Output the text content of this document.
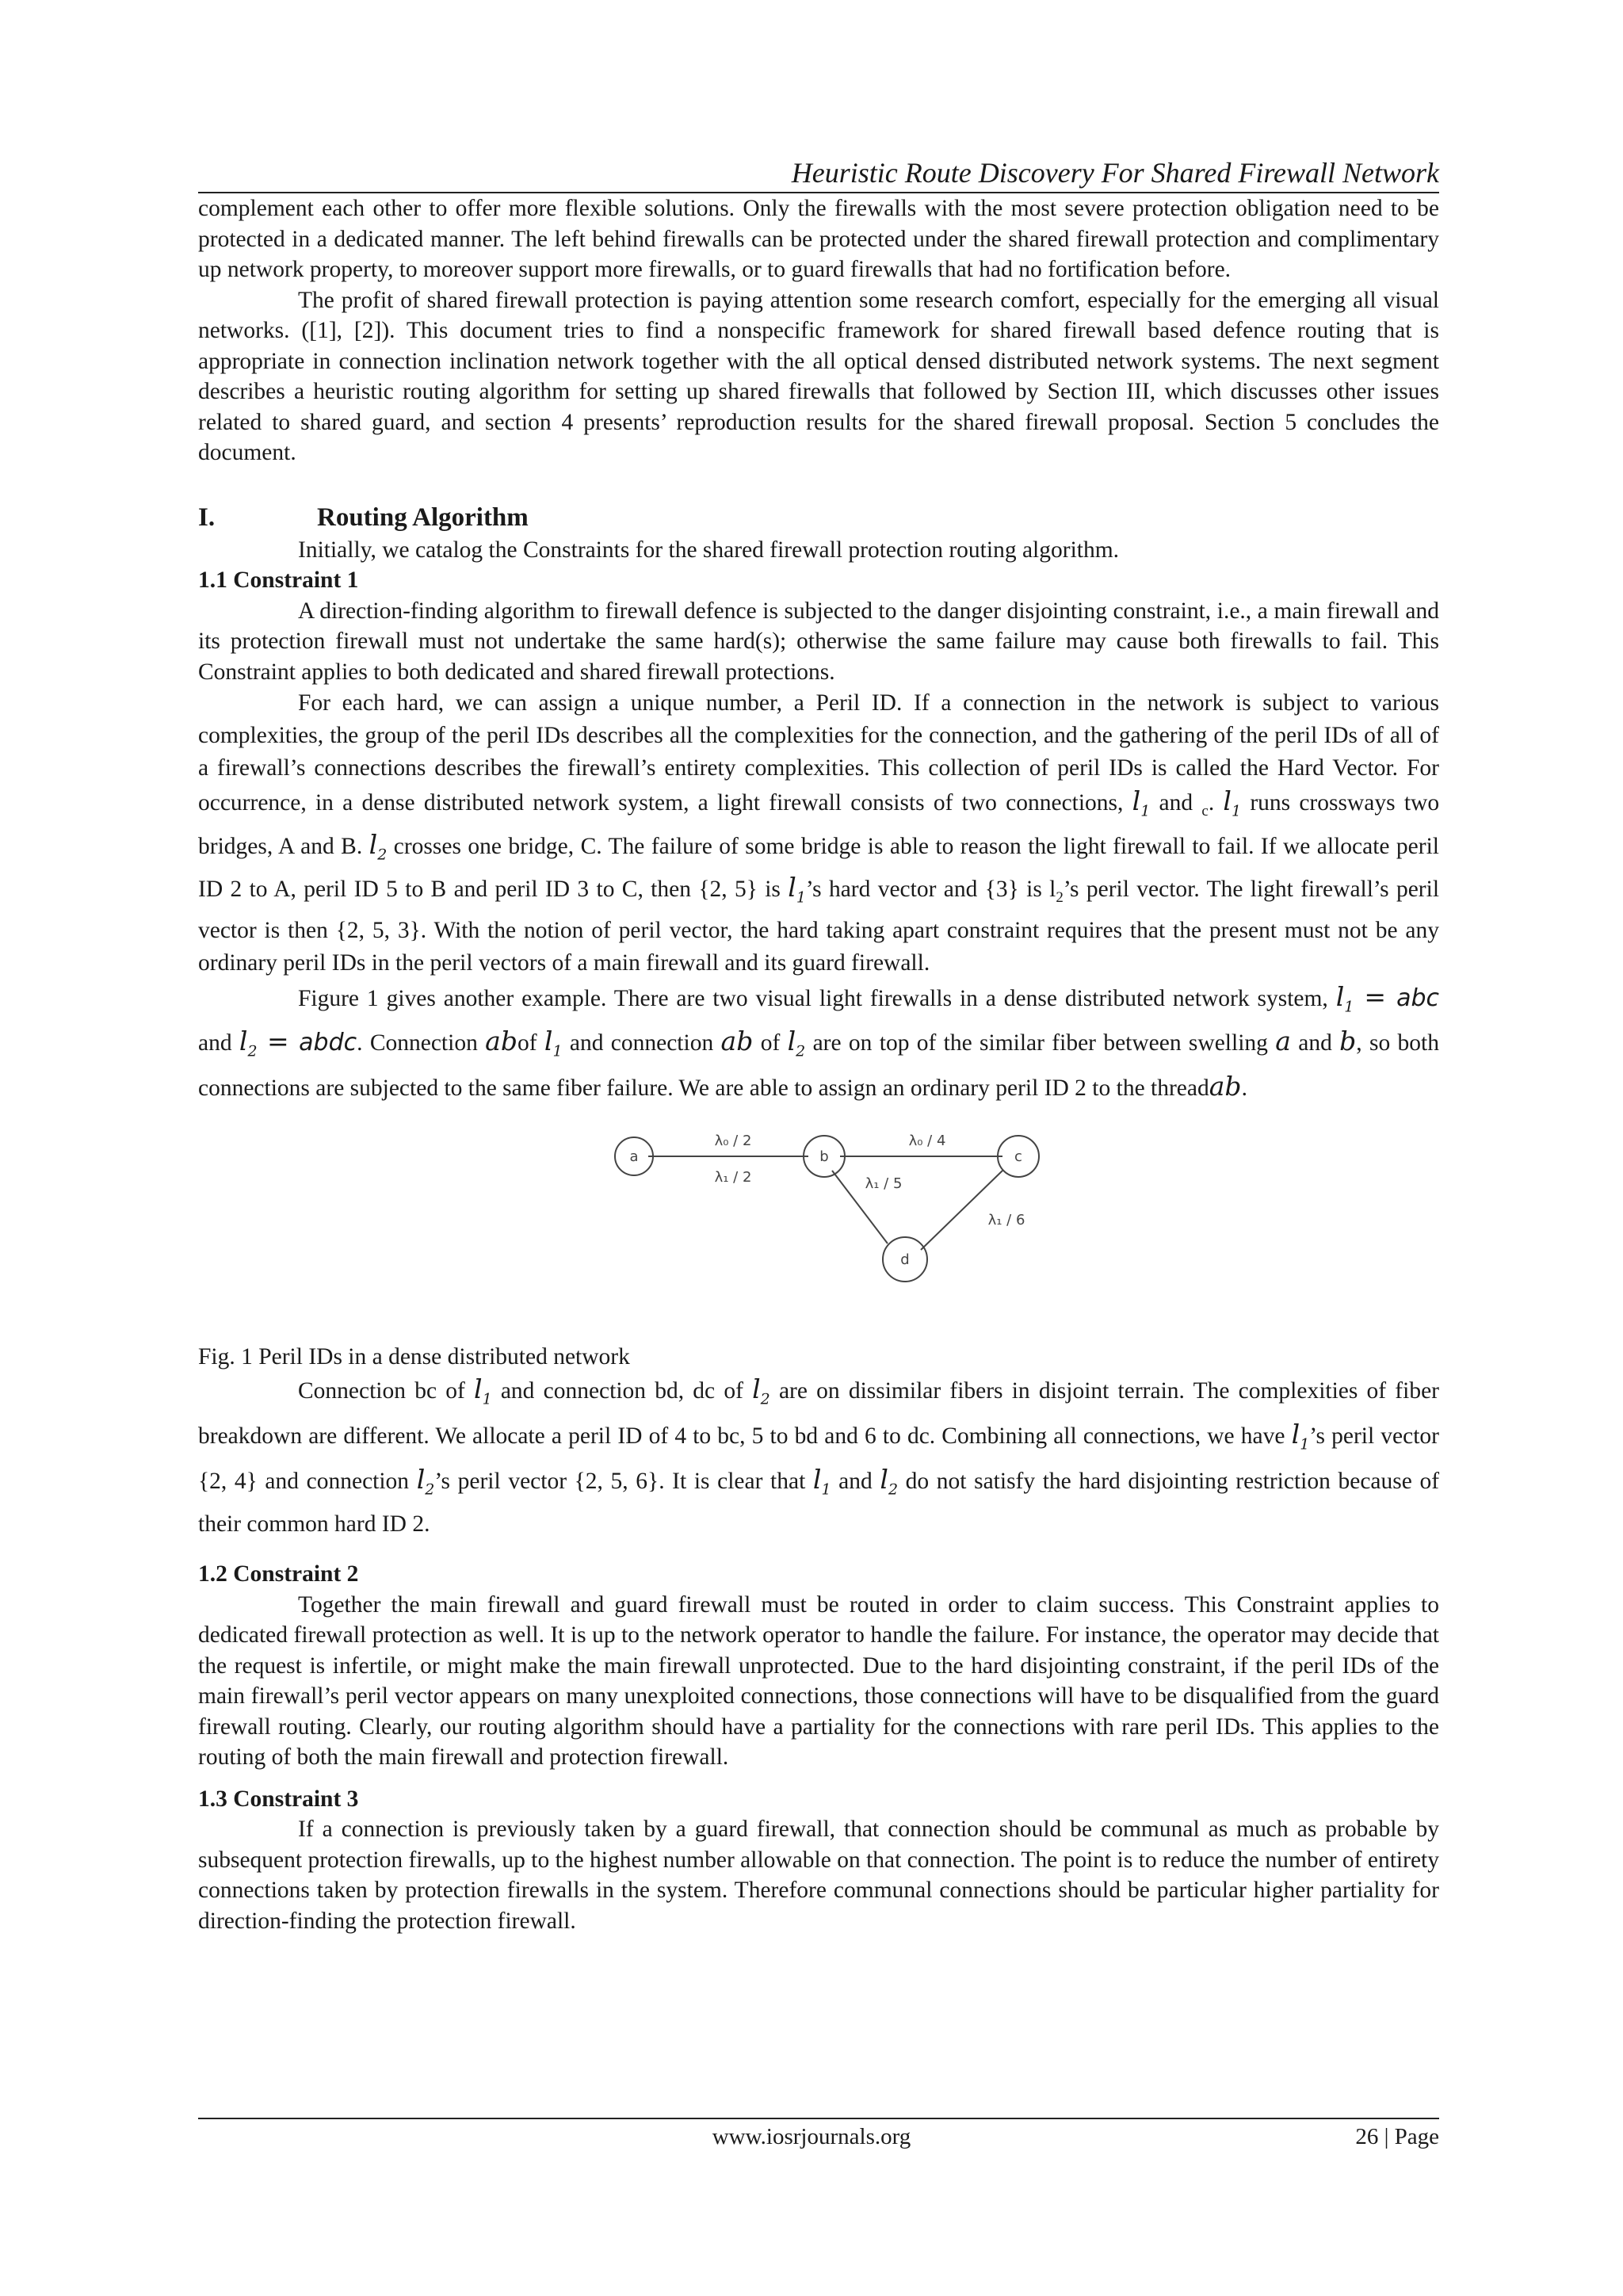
Heuristic Route Discovery For Shared Firewall Network

complement each other to offer more flexible solutions. Only the firewalls with the most severe protection obligation need to be protected in a dedicated manner. The left behind firewalls can be protected under the shared firewall protection and complimentary up network property, to moreover support more firewalls, or to guard firewalls that had no fortification before.

The profit of shared firewall protection is paying attention some research comfort, especially for the emerging all visual networks. ([1], [2]). This document tries to find a nonspecific framework for shared firewall based defence routing that is appropriate in connection inclination network together with the all optical densed distributed network systems. The next segment describes a heuristic routing algorithm for setting up shared firewalls that followed by Section III, which discusses other issues related to shared guard, and section 4 presents’ reproduction results for the shared firewall proposal. Section 5 concludes the document.

I.	Routing Algorithm

Initially, we catalog the Constraints for the shared firewall protection routing algorithm.

1.1 Constraint 1

A direction-finding algorithm to firewall defence is subjected to the danger disjointing constraint, i.e., a main firewall and its protection firewall must not undertake the same hard(s); otherwise the same failure may cause both firewalls to fail. This Constraint applies to both dedicated and shared firewall protections.

For each hard, we can assign a unique number, a Peril ID. If a connection in the network is subject to various complexities, the group of the peril IDs describes all the complexities for the connection, and the gathering of the peril IDs of all of a firewall’s connections describes the firewall’s entirety complexities. This collection of peril IDs is called the Hard Vector. For occurrence, in a dense distributed network system, a light firewall consists of two connections, $l_1$ and $_c$. $l_1$ runs crossways two bridges, A and B. $l_2$ crosses one bridge, C. The failure of some bridge is able to reason the light firewall to fail. If we allocate peril ID 2 to A, peril ID 5 to B and peril ID 3 to C, then {2, 5} is $l_1’s$ hard vector and {3} is $l_2’s$ peril vector. The light firewall’s peril vector is then {2, 5, 3}. With the notion of peril vector, the hard taking apart constraint requires that the present must not be any ordinary peril IDs in the peril vectors of a main firewall and its guard firewall.

Figure 1 gives another example. There are two visual light firewalls in a dense distributed network system, $l_1$ = abc and $l_2$ = abdc. Connection abof $l_1$ and connection ab of $l_2$ are on top of the similar fiber between swelling a and b, so both connections are subjected to the same fiber failure. We are able to assign an ordinary peril ID 2 to the threadab.

a	b	c
d
λ₀ / 2
λ₁ / 2
λ₀ / 4
λ₁ / 5
λ₁ / 6

Fig. 1 Peril IDs in a dense distributed network

Connection bc of $l_1$ and connection bd, dc of $l_2$ are on dissimilar fibers in disjoint terrain. The complexities of fiber breakdown are different. We allocate a peril ID of 4 to bc, 5 to bd and 6 to dc. Combining all connections, we have $l_1’s$ peril vector {2, 4} and connection $l_2’s$ peril vector {2, 5, 6}. It is clear that $l_1$ and $l_2$ do not satisfy the hard disjointing restriction because of their common hard ID 2.

1.2 Constraint 2

Together the main firewall and guard firewall must be routed in order to claim success. This Constraint applies to dedicated firewall protection as well. It is up to the network operator to handle the failure. For instance, the operator may decide that the request is infertile, or might make the main firewall unprotected. Due to the hard disjointing constraint, if the peril IDs of the main firewall’s peril vector appears on many unexploited connections, those connections will have to be disqualified from the guard firewall routing. Clearly, our routing algorithm should have a partiality for the connections with rare peril IDs. This applies to the routing of both the main firewall and protection firewall.

1.3 Constraint 3

If a connection is previously taken by a guard firewall, that connection should be communal as much as probable by subsequent protection firewalls, up to the highest number allowable on that connection. The point is to reduce the number of entirety connections taken by protection firewalls in the system. Therefore communal connections should be particular higher partiality for direction-finding the protection firewall.

www.iosrjournals.org	26 | Page
